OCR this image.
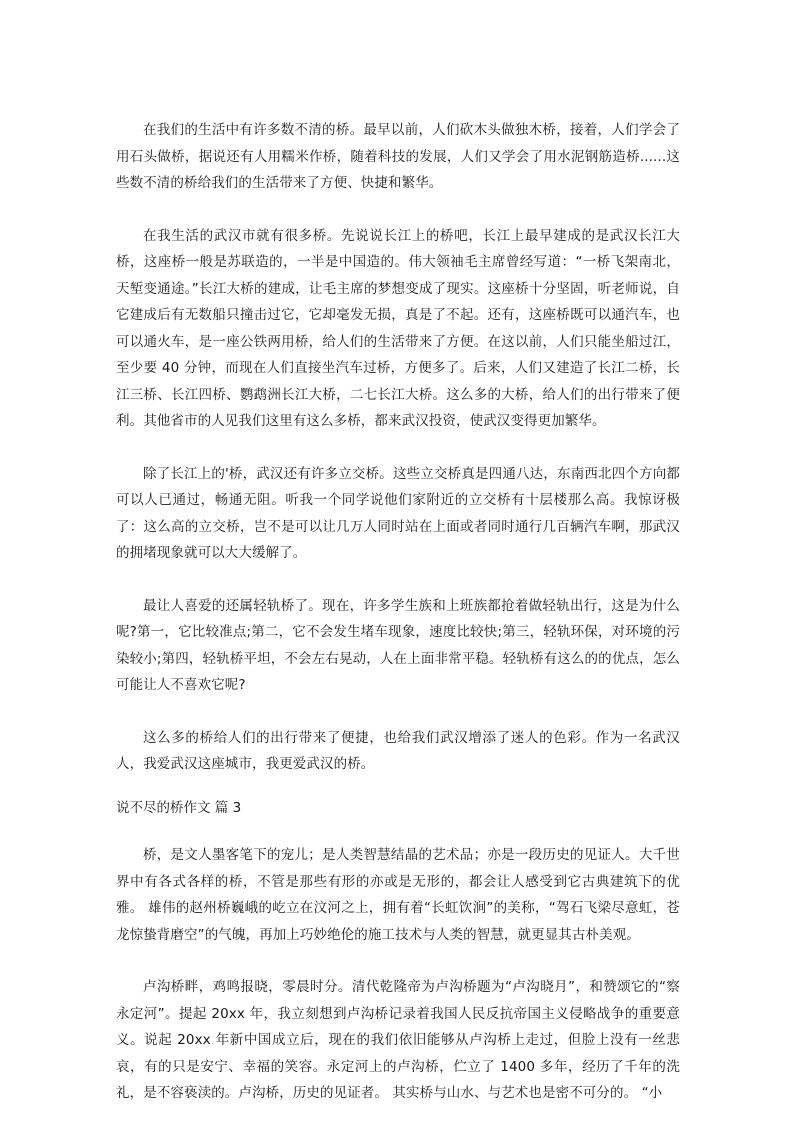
在我们的生活中有许多数不清的桥。最早以前，人们砍木头做独木桥，接着，人们学会了用石头做桥，据说还有人用糯米作桥，随着科技的发展，人们又学会了用水泥钢筋造桥......这些数不清的桥给我们的生活带来了方便、快捷和繁华。

在我生活的武汉市就有很多桥。先说说长江上的桥吧，长江上最早建成的是武汉长江大桥，这座桥一般是苏联造的，一半是中国造的。伟大领袖毛主席曾经写道：“一桥飞架南北，天堑变通途。”长江大桥的建成，让毛主席的梦想变成了现实。这座桥十分坚固，听老师说，自它建成后有无数船只撞击过它，它却毫发无损，真是了不起。还有，这座桥既可以通汽车，也可以通火车，是一座公铁两用桥，给人们的生活带来了方便。在这以前，人们只能坐船过江，至少要 40 分钟，而现在人们直接坐汽车过桥，方便多了。后来，人们又建造了长江二桥，长江三桥、长江四桥、鹦鹉洲长江大桥，二七长江大桥。这么多的大桥，给人们的出行带来了便利。其他省市的人见我们这里有这么多桥，都来武汉投资，使武汉变得更加繁华。

除了长江上的'桥，武汉还有许多立交桥。这些立交桥真是四通八达，东南西北四个方向都可以人已通过，畅通无阻。听我一个同学说他们家附近的立交桥有十层楼那么高。我惊讶极了：这么高的立交桥，岂不是可以让几万人同时站在上面或者同时通行几百辆汽车啊，那武汉的拥堵现象就可以大大缓解了。

最让人喜爱的还属轻轨桥了。现在，许多学生族和上班族都抢着做轻轨出行，这是为什么呢?第一，它比较准点;第二，它不会发生堵车现象，速度比较快;第三，轻轨环保，对环境的污染较小;第四，轻轨桥平坦，不会左右晃动，人在上面非常平稳。轻轨桥有这么的的优点，怎么可能让人不喜欢它呢?

这么多的桥给人们的出行带来了便捷，也给我们武汉增添了迷人的色彩。作为一名武汉人，我爱武汉这座城市，我更爱武汉的桥。

说不尽的桥作文 篇 3

桥，是文人墨客笔下的宠儿；是人类智慧结晶的艺术品；亦是一段历史的见证人。大千世界中有各式各样的桥，不管是那些有形的亦或是无形的，都会让人感受到它古典建筑下的优雅。 雄伟的赵州桥巍峨的屹立在汶河之上，拥有着“长虹饮涧”的美称，“驾石飞梁尽意虹，苍龙惊蛰背磨空”的气魄，再加上巧妙绝伦的施工技术与人类的智慧，就更显其古朴美观。

卢沟桥畔，鸡鸣报晓，零晨时分。清代乾隆帝为卢沟桥题为“卢沟晓月”，和赞颂它的“察永定河”。提起 20xx 年，我立刻想到卢沟桥记录着我国人民反抗帝国主义侵略战争的重要意义。说起 20xx 年新中国成立后，现在的我们依旧能够从卢沟桥上走过，但脸上没有一丝悲哀，有的只是安宁、幸福的笑容。永定河上的卢沟桥，伫立了 1400 多年，经历了千年的洗礼，是不容亵渎的。卢沟桥，历史的见证者。 其实桥与山水、与艺术也是密不可分的。 “小
